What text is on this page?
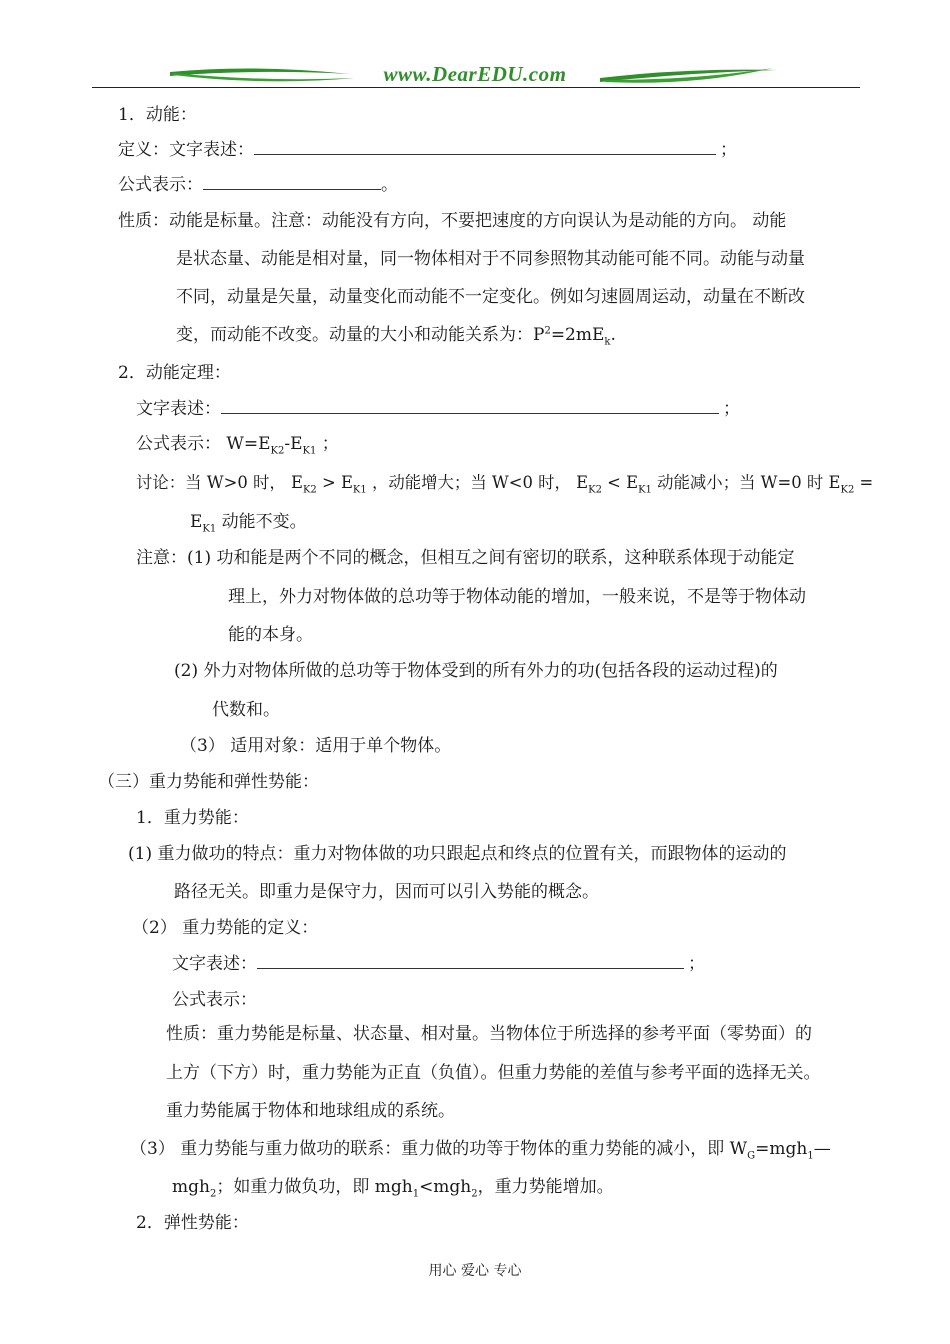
www.DearEDU.com
1．动能：
定义：文字表述：	；
公式表示：	。
性质：动能是标量。注意：动能没有方向，不要把速度的方向误认为是动能的方向。 动能
是状态量、动能是相对量，同一物体相对于不同参照物其动能可能不同。动能与动量
不同，动量是矢量，动量变化而动能不一定变化。例如匀速圆周运动，动量在不断改
变，而动能不改变。动量的大小和动能关系为：$P^2=2mE_k$.
2．动能定理：
文字表述：	；
公式表示： $W=E_{K2}-E_{K1}$ ；
讨论：当 W>0 时， $E_{K2} > E_{K1}$ ，动能增大；当 W<0 时， $E_{K2} < E_{K1}$ 动能减小；当 W=0 时 $E_{K2}$ =
$E_{K1}$ 动能不变。
注意：(1) 功和能是两个不同的概念，但相互之间有密切的联系，这种联系体现于动能定
理上，外力对物体做的总功等于物体动能的增加，一般来说，不是等于物体动
能的本身。
(2) 外力对物体所做的总功等于物体受到的所有外力的功(包括各段的运动过程)的
代数和。
（3） 适用对象：适用于单个物体。
（三）重力势能和弹性势能：
1．重力势能：
(1) 重力做功的特点：重力对物体做的功只跟起点和终点的位置有关，而跟物体的运动的
路径无关。即重力是保守力，因而可以引入势能的概念。
（2） 重力势能的定义：
文字表述：	；
公式表示：
性质：重力势能是标量、状态量、相对量。当物体位于所选择的参考平面（零势面）的
上方（下方）时，重力势能为正直（负值）。但重力势能的差值与参考平面的选择无关。
重力势能属于物体和地球组成的系统。
（3） 重力势能与重力做功的联系：重力做的功等于物体的重力势能的减小，即 $W_G=mgh_1—$
mgh$_2$；如重力做负功，即 mgh$_1$<mgh$_2$，重力势能增加。
2．弹性势能：
用心 爱心 专心
